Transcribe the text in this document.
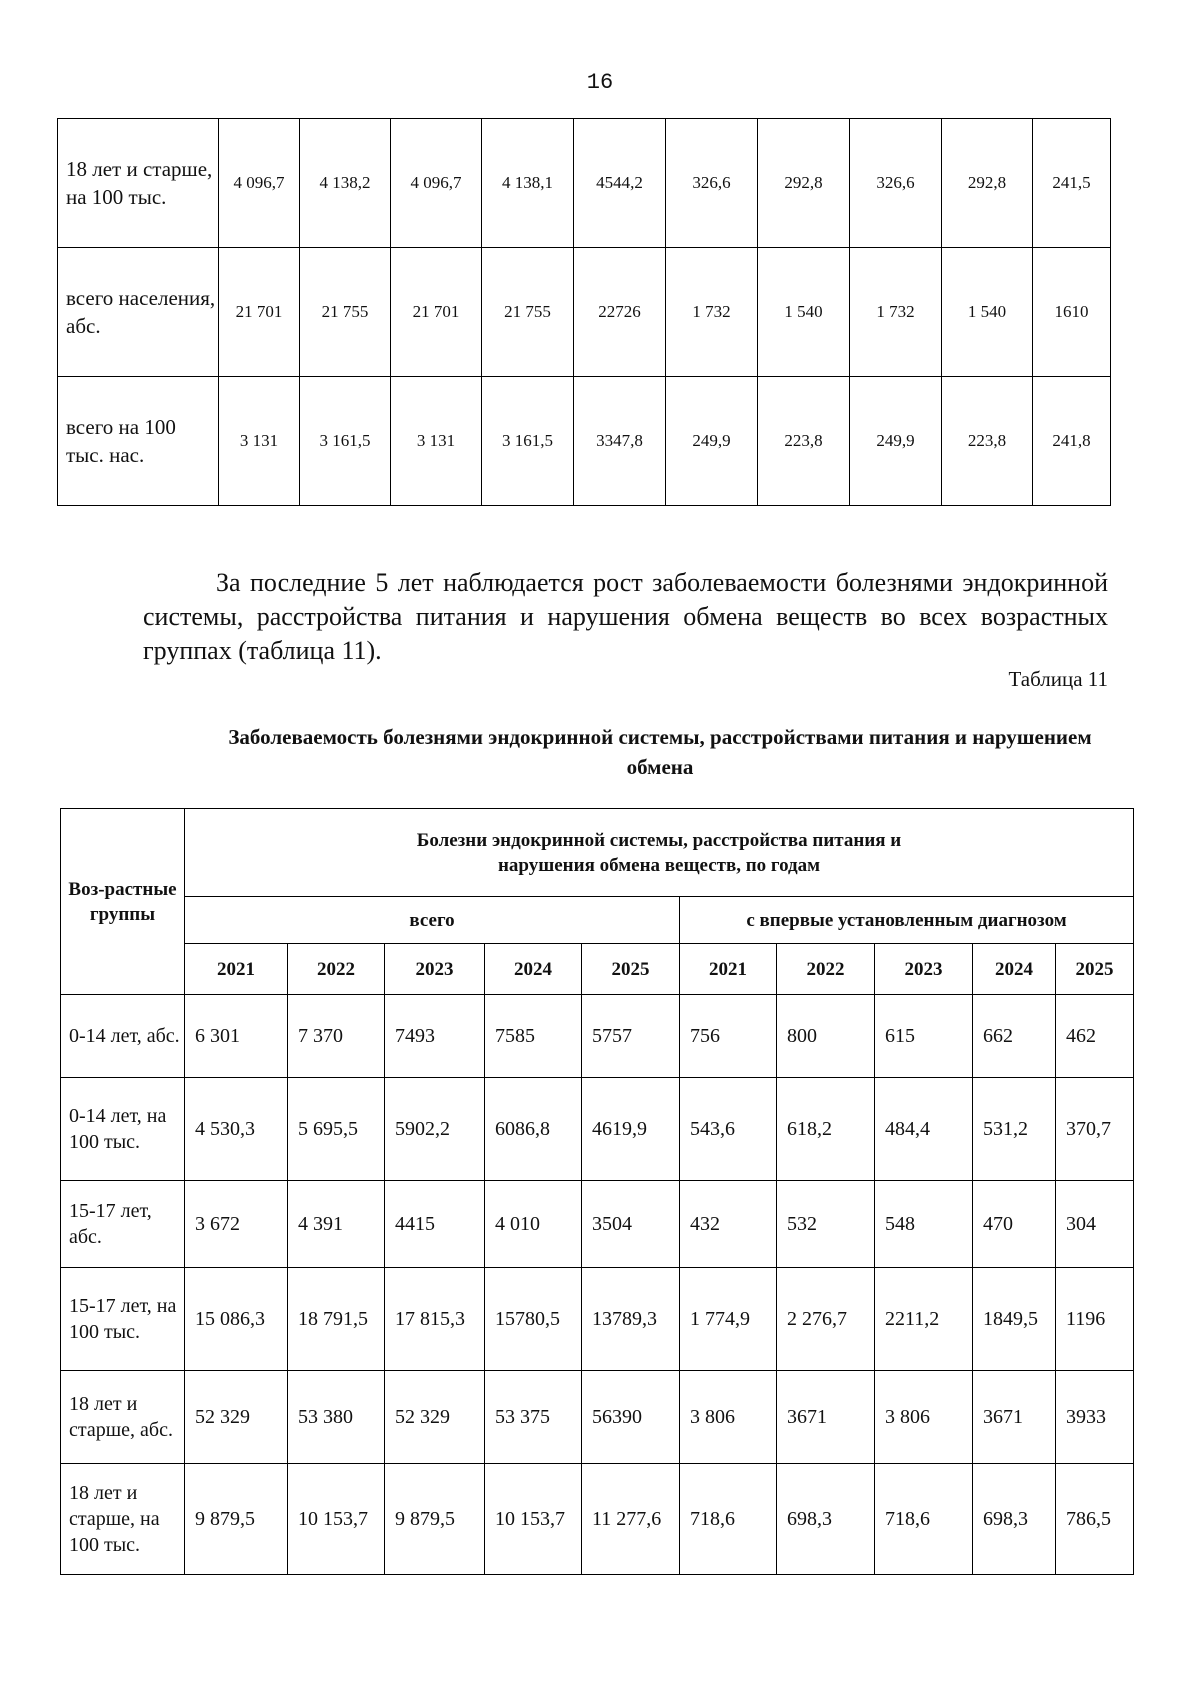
16
18 лет и старше, на 100 тыс.	4 096,7	4 138,2	4 096,7	4 138,1	4544,2	326,6	292,8	326,6	292,8	241,5
всего населения, абс.	21 701	21 755	21 701	21 755	22726	1 732	1 540	1 732	1 540	1610
всего на 100 тыс. нас.	3 131	3 161,5	3 131	3 161,5	3347,8	249,9	223,8	249,9	223,8	241,8

За последние 5 лет наблюдается рост заболеваемости болезнями эндокринной системы, расстройства питания и нарушения обмена веществ во всех возрастных группах (таблица 11).

Таблица 11
Заболеваемость болезнями эндокринной системы, расстройствами питания и нарушением обмена
Воз-растные группы	Болезни эндокринной системы, расстройства питания и нарушения обмена веществ, по годам									
	всего					с впервые установленным диагнозом				
	2021	2022	2023	2024	2025	2021	2022	2023	2024	2025
0-14 лет, абс.	6 301	7 370	7493	7585	5757	756	800	615	662	462
0-14 лет, на 100 тыс.	4 530,3	5 695,5	5902,2	6086,8	4619,9	543,6	618,2	484,4	531,2	370,7
15-17 лет, абс.	3 672	4 391	4415	4 010	3504	432	532	548	470	304
15-17 лет, на 100 тыс.	15 086,3	18 791,5	17 815,3	15780,5	13789,3	1 774,9	2 276,7	2211,2	1849,5	1196
18 лет и старше, абс.	52 329	53 380	52 329	53 375	56390	3 806	3671	3 806	3671	3933
18 лет и старше, на 100 тыс.	9 879,5	10 153,7	9 879,5	10 153,7	11 277,6	718,6	698,3	718,6	698,3	786,5
